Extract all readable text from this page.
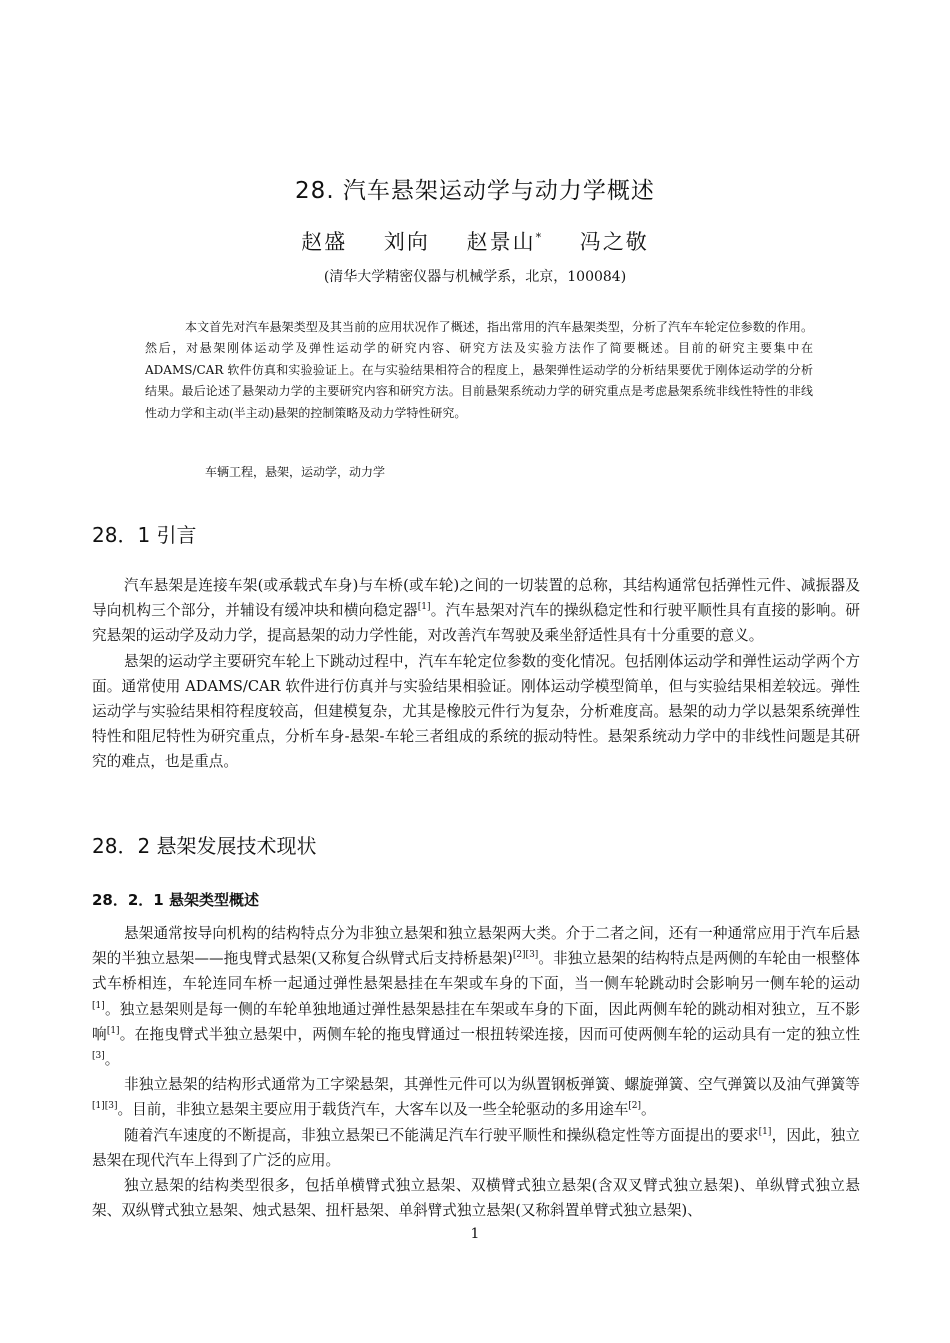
28. 汽车悬架运动学与动力学概述
赵盛 刘向 赵景山* 冯之敬

(清华大学精密仪器与机械学系，北京，100084)

本文首先对汽车悬架类型及其当前的应用状况作了概述，指出常用的汽车悬架类型，分析了汽车车轮定位参数的作用。然后，对悬架刚体运动学及弹性运动学的研究内容、研究方法及实验方法作了简要概述。目前的研究主要集中在 ADAMS/CAR 软件仿真和实验验证上。在与实验结果相符合的程度上，悬架弹性运动学的分析结果要优于刚体运动学的分析结果。最后论述了悬架动力学的主要研究内容和研究方法。目前悬架系统动力学的研究重点是考虑悬架系统非线性特性的非线性动力学和主动(半主动)悬架的控制策略及动力学特性研究。

车辆工程，悬架，运动学，动力学

28．1 引言

汽车悬架是连接车架(或承载式车身)与车桥(或车轮)之间的一切装置的总称，其结构通常包括弹性元件、减振器及导向机构三个部分，并辅设有缓冲块和横向稳定器[1]。汽车悬架对汽车的操纵稳定性和行驶平顺性具有直接的影响。研究悬架的运动学及动力学，提高悬架的动力学性能，对改善汽车驾驶及乘坐舒适性具有十分重要的意义。

悬架的运动学主要研究车轮上下跳动过程中，汽车车轮定位参数的变化情况。包括刚体运动学和弹性运动学两个方面。通常使用 ADAMS/CAR 软件进行仿真并与实验结果相验证。刚体运动学模型简单，但与实验结果相差较远。弹性运动学与实验结果相符程度较高，但建模复杂，尤其是橡胶元件行为复杂，分析难度高。悬架的动力学以悬架系统弹性特性和阻尼特性为研究重点，分析车身-悬架-车轮三者组成的系统的振动特性。悬架系统动力学中的非线性问题是其研究的难点，也是重点。

28．2 悬架发展技术现状
28．2．1 悬架类型概述

悬架通常按导向机构的结构特点分为非独立悬架和独立悬架两大类。介于二者之间，还有一种通常应用于汽车后悬架的半独立悬架——拖曳臂式悬架(又称复合纵臂式后支持桥悬架)[2][3]。非独立悬架的结构特点是两侧的车轮由一根整体式车桥相连，车轮连同车桥一起通过弹性悬架悬挂在车架或车身的下面，当一侧车轮跳动时会影响另一侧车轮的运动[1]。独立悬架则是每一侧的车轮单独地通过弹性悬架悬挂在车架或车身的下面，因此两侧车轮的跳动相对独立，互不影响[1]。在拖曳臂式半独立悬架中，两侧车轮的拖曳臂通过一根扭转梁连接，因而可使两侧车轮的运动具有一定的独立性[3]。

非独立悬架的结构形式通常为工字梁悬架，其弹性元件可以为纵置钢板弹簧、螺旋弹簧、空气弹簧以及油气弹簧等[1][3]。目前，非独立悬架主要应用于载货汽车，大客车以及一些全轮驱动的多用途车[2]。

随着汽车速度的不断提高，非独立悬架已不能满足汽车行驶平顺性和操纵稳定性等方面提出的要求[1]，因此，独立悬架在现代汽车上得到了广泛的应用。

独立悬架的结构类型很多，包括单横臂式独立悬架、双横臂式独立悬架(含双叉臂式独立悬架)、单纵臂式独立悬架、双纵臂式独立悬架、烛式悬架、扭杆悬架、单斜臂式独立悬架(又称斜置单臂式独立悬架)、

1
